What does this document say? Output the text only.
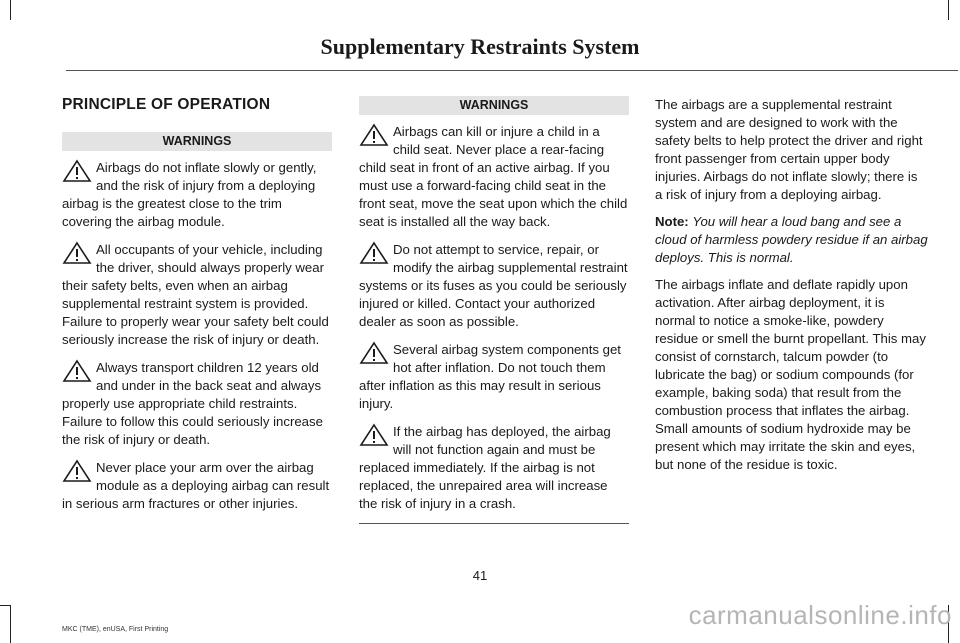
Supplementary Restraints System
PRINCIPLE OF OPERATION
WARNINGS

Airbags do not inflate slowly or gently, and the risk of injury from a deploying airbag is the greatest close to the trim covering the airbag module.

All occupants of your vehicle, including the driver, should always properly wear their safety belts, even when an airbag supplemental restraint system is provided. Failure to properly wear your safety belt could seriously increase the risk of injury or death.

Always transport children 12 years old and under in the back seat and always properly use appropriate child restraints. Failure to follow this could seriously increase the risk of injury or death.

Never place your arm over the airbag module as a deploying airbag can result in serious arm fractures or other injuries.

WARNINGS

Airbags can kill or injure a child in a child seat. Never place a rear-facing child seat in front of an active airbag. If you must use a forward-facing child seat in the front seat, move the seat upon which the child seat is installed all the way back.

Do not attempt to service, repair, or modify the airbag supplemental restraint systems or its fuses as you could be seriously injured or killed. Contact your authorized dealer as soon as possible.

Several airbag system components get hot after inflation. Do not touch them after inflation as this may result in serious injury.

If the airbag has deployed, the airbag will not function again and must be replaced immediately. If the airbag is not replaced, the unrepaired area will increase the risk of injury in a crash.

The airbags are a supplemental restraint system and are designed to work with the safety belts to help protect the driver and right front passenger from certain upper body injuries. Airbags do not inflate slowly; there is a risk of injury from a deploying airbag.

Note: You will hear a loud bang and see a cloud of harmless powdery residue if an airbag deploys. This is normal.

The airbags inflate and deflate rapidly upon activation. After airbag deployment, it is normal to notice a smoke-like, powdery residue or smell the burnt propellant. This may consist of cornstarch, talcum powder (to lubricate the bag) or sodium compounds (for example, baking soda) that result from the combustion process that inflates the airbag. Small amounts of sodium hydroxide may be present which may irritate the skin and eyes, but none of the residue is toxic.

41
MKC (TME), enUSA, First Printing	carmanualsonline.info
